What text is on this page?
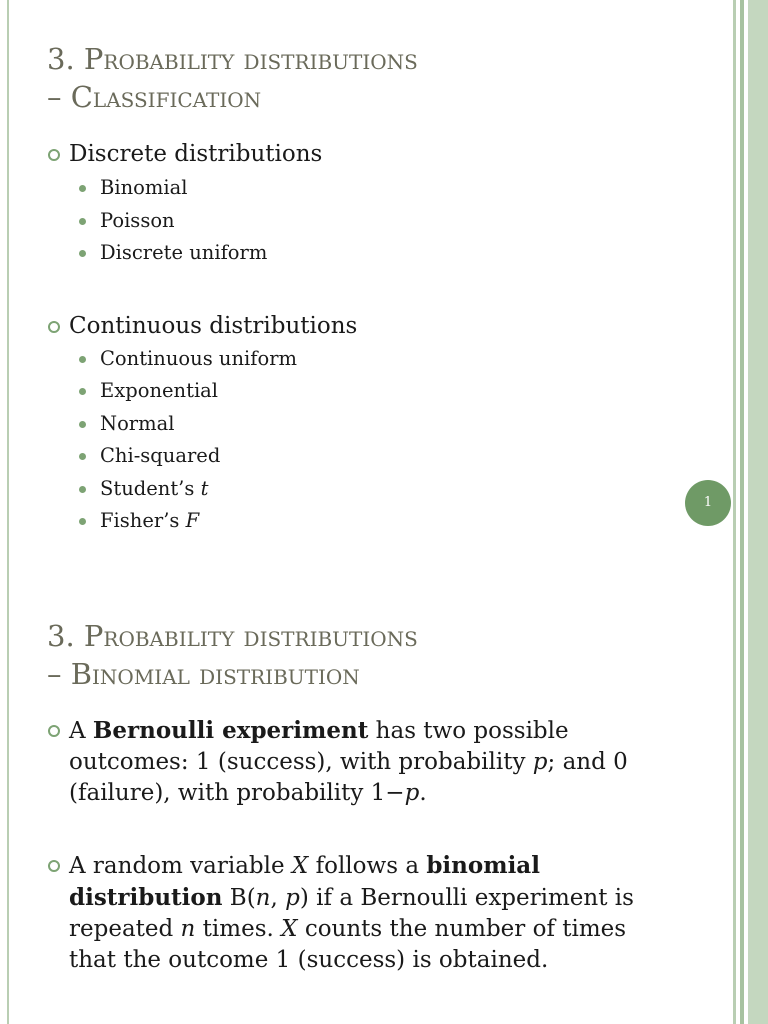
3. Probability distributions
– Classification

Discrete distributions

Binomial

Poisson

Discrete uniform

Continuous distributions

Continuous uniform

Exponential

Normal

Chi-squared

Student’s t

Fisher’s F

1
3. Probability distributions
– Binomial distribution

A Bernoulli experiment has two possible outcomes: 1 (success), with probability p; and 0 (failure), with probability 1−p.

A random variable X follows a binomial distribution B(n, p) if a Bernoulli experiment is repeated n times. X counts the number of times that the outcome 1 (success) is obtained.
